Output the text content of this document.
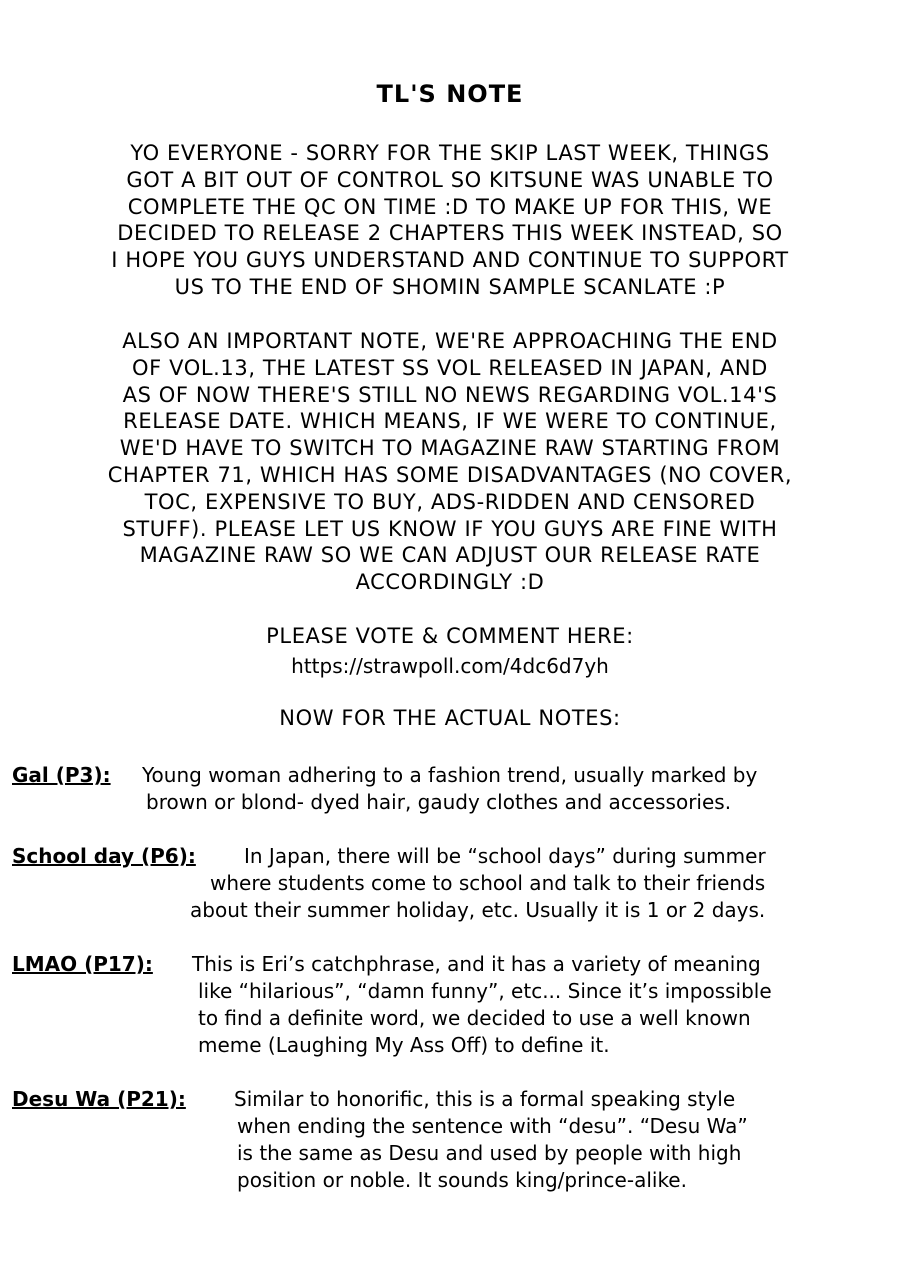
TL'S NOTE
YO EVERYONE - SORRY FOR THE SKIP LAST WEEK, THINGS
GOT A BIT OUT OF CONTROL SO KITSUNE WAS UNABLE TO
COMPLETE THE QC ON TIME :D TO MAKE UP FOR THIS, WE
DECIDED TO RELEASE 2 CHAPTERS THIS WEEK INSTEAD, SO
I HOPE YOU GUYS UNDERSTAND AND CONTINUE TO SUPPORT
US TO THE END OF SHOMIN SAMPLE SCANLATE :P
ALSO AN IMPORTANT NOTE, WE'RE APPROACHING THE END
OF VOL.13, THE LATEST SS VOL RELEASED IN JAPAN, AND
AS OF NOW THERE'S STILL NO NEWS REGARDING VOL.14'S
RELEASE DATE. WHICH MEANS, IF WE WERE TO CONTINUE,
WE'D HAVE TO SWITCH TO MAGAZINE RAW STARTING FROM
CHAPTER 71, WHICH HAS SOME DISADVANTAGES (NO COVER,
TOC, EXPENSIVE TO BUY, ADS-RIDDEN AND CENSORED
STUFF). PLEASE LET US KNOW IF YOU GUYS ARE FINE WITH
MAGAZINE RAW SO WE CAN ADJUST OUR RELEASE RATE
ACCORDINGLY :D
PLEASE VOTE & COMMENT HERE:
https://strawpoll.com/4dc6d7yh
NOW FOR THE ACTUAL NOTES:
Gal (P3): Young woman adhering to a fashion trend, usually marked by
brown or blond- dyed hair, gaudy clothes and accessories.
School day (P6): In Japan, there will be “school days” during summer
where students come to school and talk to their friends
about their summer holiday, etc. Usually it is 1 or 2 days.
LMAO (P17): This is Eri’s catchphrase, and it has a variety of meaning
like “hilarious”, “damn funny”, etc... Since it’s impossible
to find a definite word, we decided to use a well known
meme (Laughing My Ass Off) to define it.
Desu Wa (P21): Similar to honorific, this is a formal speaking style
when ending the sentence with “desu”. “Desu Wa”
is the same as Desu and used by people with high
position or noble. It sounds king/prince-alike.
